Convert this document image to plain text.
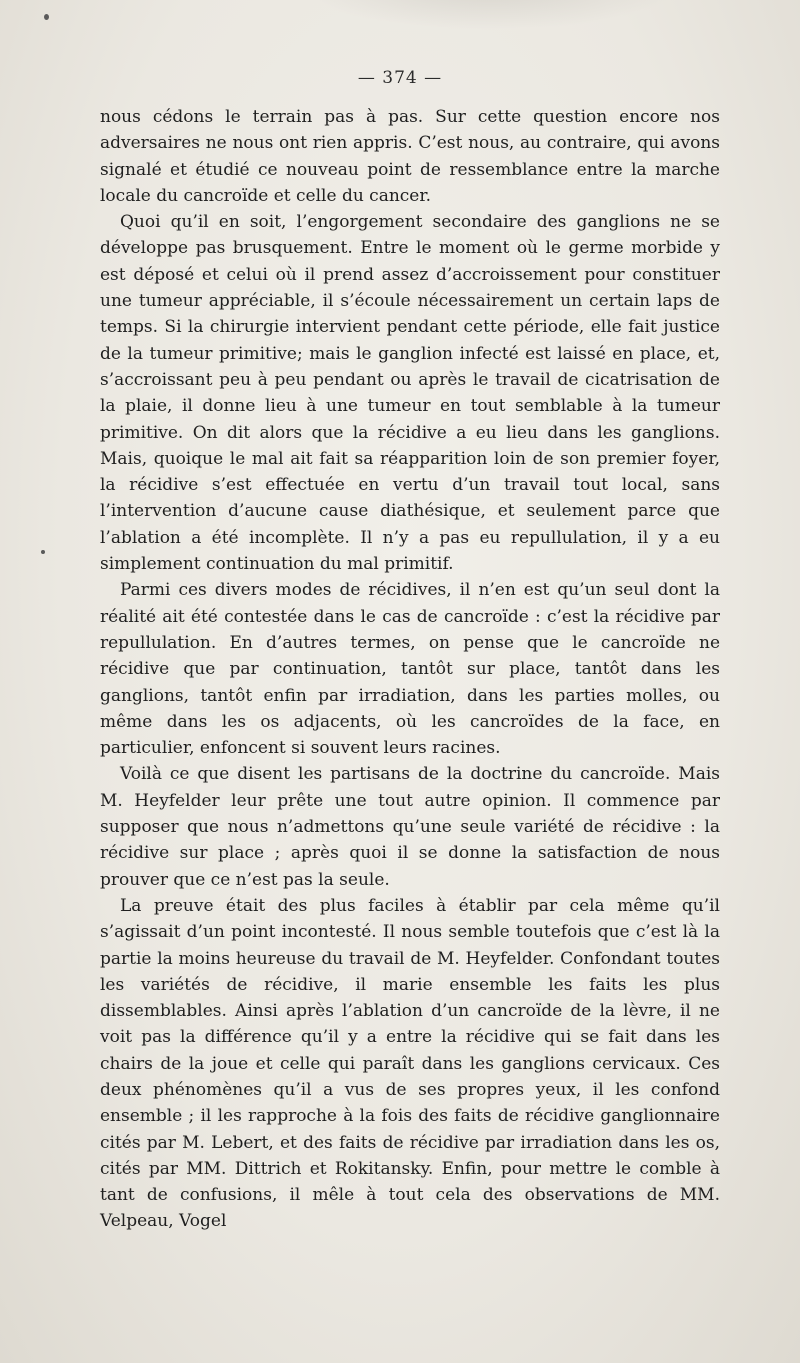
— 374 —

nous cédons le terrain pas à pas. Sur cette question encore nos adversaires ne nous ont rien appris. C’est nous, au contraire, qui avons signalé et étudié ce nouveau point de ressemblance entre la marche locale du cancroïde et celle du cancer.

Quoi qu’il en soit, l’engorgement secondaire des ganglions ne se développe pas brusquement. Entre le moment où le germe morbide y est déposé et celui où il prend assez d’accroissement pour constituer une tumeur appréciable, il s’écoule nécessairement un certain laps de temps. Si la chirurgie intervient pendant cette période, elle fait justice de la tumeur primitive; mais le ganglion infecté est laissé en place, et, s’accroissant peu à peu pendant ou après le travail de cicatrisation de la plaie, il donne lieu à une tumeur en tout semblable à la tumeur primitive. On dit alors que la récidive a eu lieu dans les ganglions. Mais, quoique le mal ait fait sa réapparition loin de son premier foyer, la récidive s’est effectuée en vertu d’un travail tout local, sans l’intervention d’aucune cause diathésique, et seulement parce que l’ablation a été incomplète. Il n’y a pas eu repullulation, il y a eu simplement continuation du mal primitif.

Parmi ces divers modes de récidives, il n’en est qu’un seul dont la réalité ait été contestée dans le cas de cancroïde : c’est la récidive par repullulation. En d’autres termes, on pense que le cancroïde ne récidive que par continuation, tantôt sur place, tantôt dans les ganglions, tantôt enfin par irradiation, dans les parties molles, ou même dans les os adjacents, où les cancroïdes de la face, en particulier, enfoncent si souvent leurs racines.

Voilà ce que disent les partisans de la doctrine du cancroïde. Mais M. Heyfelder leur prête une tout autre opinion. Il commence par supposer que nous n’admettons qu’une seule variété de récidive : la récidive sur place ; après quoi il se donne la satisfaction de nous prouver que ce n’est pas la seule.

La preuve était des plus faciles à établir par cela même qu’il s’agissait d’un point incontesté. Il nous semble toutefois que c’est là la partie la moins heureuse du travail de M. Heyfelder. Confondant toutes les variétés de récidive, il marie ensemble les faits les plus dissemblables. Ainsi après l’ablation d’un cancroïde de la lèvre, il ne voit pas la différence qu’il y a entre la récidive qui se fait dans les chairs de la joue et celle qui paraît dans les ganglions cervicaux. Ces deux phénomènes qu’il a vus de ses propres yeux, il les confond ensemble ; il les rapproche à la fois des faits de récidive ganglionnaire cités par M. Lebert, et des faits de récidive par irradiation dans les os, cités par MM. Dittrich et Rokitansky. Enfin, pour mettre le comble à tant de confusions, il mêle à tout cela des observations de MM. Velpeau, Vogel
